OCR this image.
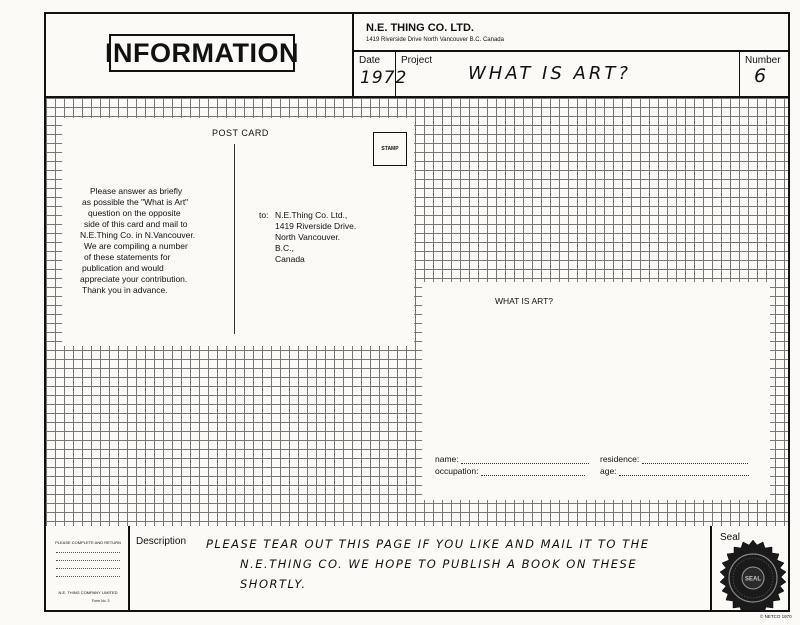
INFORMATION
N.E. THING CO. LTD.
1419 Riverside Drive North Vancouver B.C. Canada
Date
1972
Project
WHAT IS ART?
Number
6
POST CARD
STAMP
Please answer as briefly
as possible the "What is Art"
question on the opposite
side of this card and mail to
N.E.Thing Co. in N.Vancouver.
We are compiling a number
of these statements for
publication and would
appreciate your contribution.
Thank you in advance.
to: N.E.Thing Co. Ltd.,
1419 Riverside Drive.
North Vancouver.
B.C.,
Canada
WHAT IS ART?
name:	residence:
occupation:	age:
PLEASE COMPLETE AND RETURN
N.E. THING COMPANY LIMITED
Form No. 3
Description PLEASE TEAR OUT THIS PAGE IF YOU LIKE AND MAIL IT TO THE
N.E.THING CO. WE HOPE TO PUBLISH A BOOK ON THESE SHORTLY.
Seal
SEAL
© NETCO 1970
